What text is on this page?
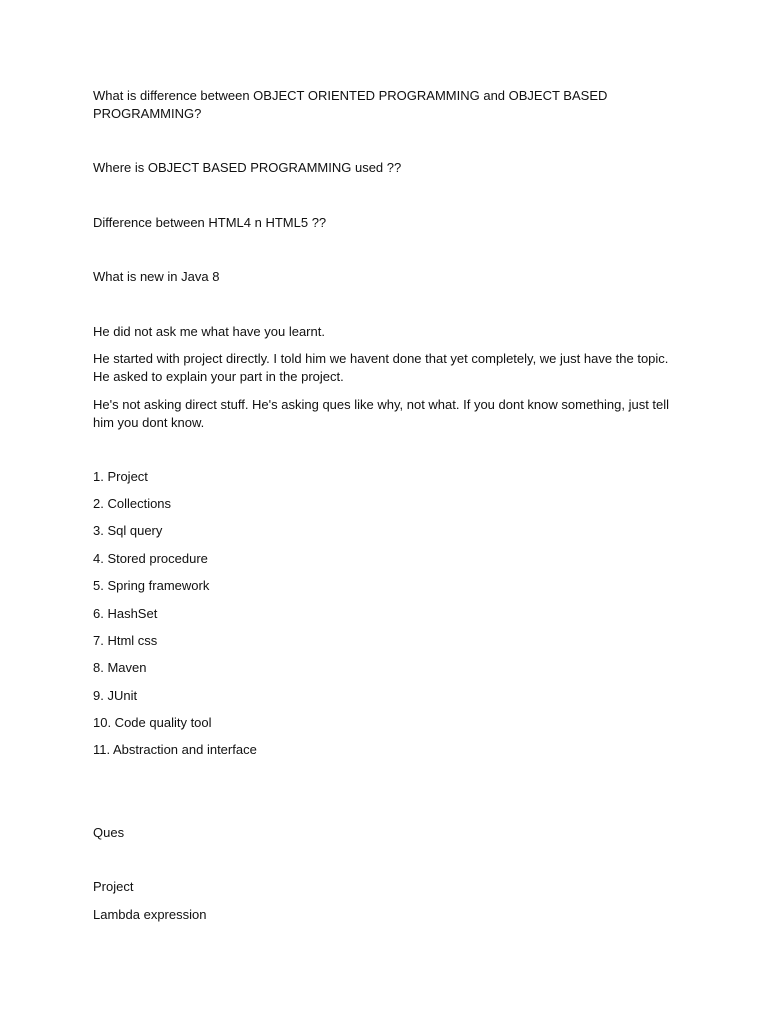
What is difference between OBJECT ORIENTED PROGRAMMING and OBJECT BASED PROGRAMMING?

Where is OBJECT BASED PROGRAMMING used ??

Difference between HTML4 n HTML5 ??

What is new in Java 8

He did not ask me what have you learnt.

He started with project directly. I told him we havent done that yet completely, we just have the topic. He asked to explain your part in the project.

He's not asking direct stuff. He's asking ques like why, not what. If you dont know something, just tell him you dont know.

1. Project

2. Collections

3. Sql query

4. Stored procedure

5. Spring framework

6. HashSet

7. Html css

8. Maven

9. JUnit

10. Code quality tool

11. Abstraction and interface

Ques

Project

Lambda expression
